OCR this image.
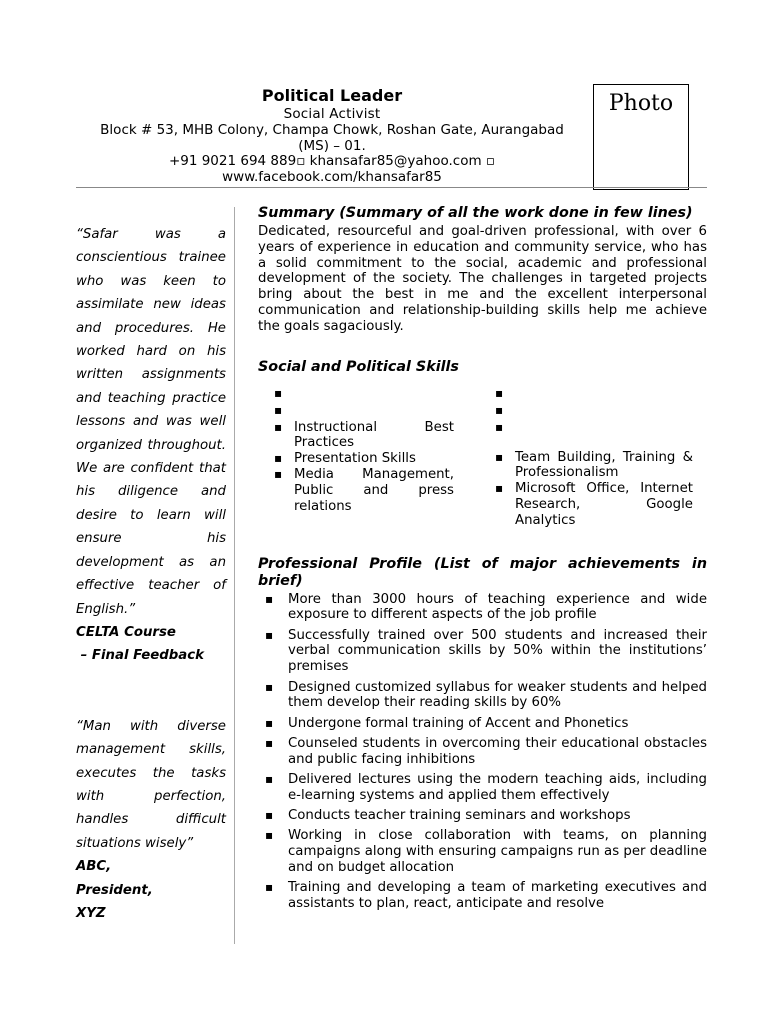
Political Leader
Social Activist
Block # 53, MHB Colony, Champa Chowk, Roshan Gate, Aurangabad
(MS) – 01.
+91 9021 694 889▫ khansafar85@yahoo.com ▫
www.facebook.com/khansafar85
Photo

“Safar was a conscientious trainee who was keen to assimilate new ideas and procedures. He worked hard on his written assignments and teaching practice lessons and was well organized throughout. We are confident that his diligence and desire to learn will ensure his development as an effective teacher of English.”

CELTA Course
– Final Feedback

“Man with diverse management skills, executes the tasks with perfection, handles difficult situations wisely”

ABC,
President,
XYZ
Summary (Summary of all the work done in few lines)

Dedicated, resourceful and goal-driven professional, with over 6 years of experience in education and community service, who has a solid commitment to the social, academic and professional development of the society. The challenges in targeted projects bring about the best in me and the excellent interpersonal communication and relationship-building skills help me achieve the goals sagaciously.

Social and Political Skills
▪
▪
▪ Instructional Best Practices
▪ Presentation Skills
▪ Media Management, Public and press relations
▪
▪
▪
▪ Team Building, Training & Professionalism
▪ Microsoft Office, Internet Research, Google Analytics
Professional Profile (List of major achievements in brief)
▪ More than 3000 hours of teaching experience and wide exposure to different aspects of the job profile
▪ Successfully trained over 500 students and increased their verbal communication skills by 50% within the institutions’ premises
▪ Designed customized syllabus for weaker students and helped them develop their reading skills by 60%
▪ Undergone formal training of Accent and Phonetics
▪ Counseled students in overcoming their educational obstacles and public facing inhibitions
▪ Delivered lectures using the modern teaching aids, including e-learning systems and applied them effectively
▪ Conducts teacher training seminars and workshops
▪ Working in close collaboration with teams, on planning campaigns along with ensuring campaigns run as per deadline and on budget allocation
▪ Training and developing a team of marketing executives and assistants to plan, react, anticipate and resolve
